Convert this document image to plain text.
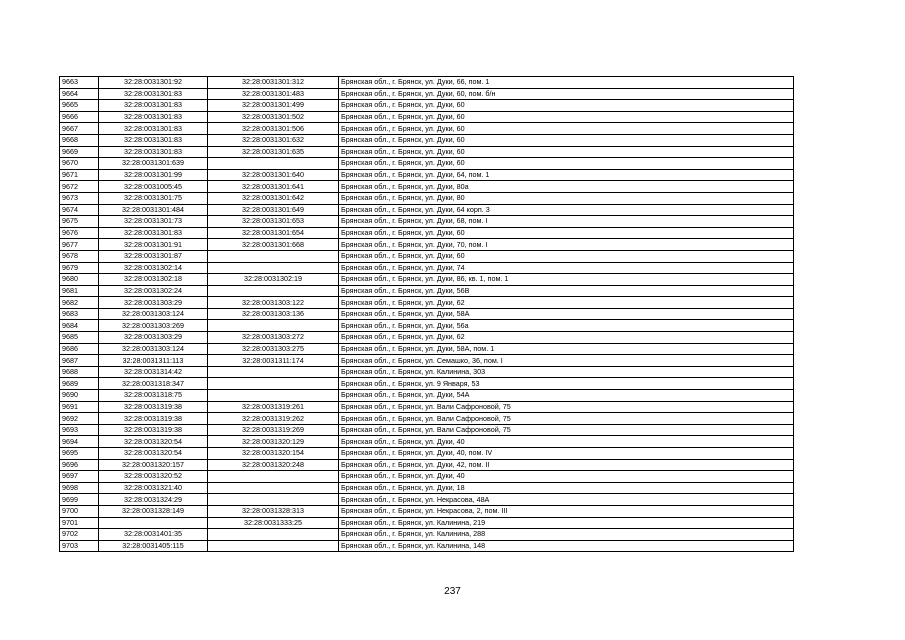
9663	32:28:0031301:92	32:28:0031301:312	Брянская обл., г. Брянск, ул. Дуки, 66, пом. 1
9664	32:28:0031301:83	32:28:0031301:483	Брянская обл., г. Брянск, ул. Дуки, 60, пом. б/н
9665	32:28:0031301:83	32:28:0031301:499	Брянская обл., г. Брянск, ул. Дуки, 60
9666	32:28:0031301:83	32:28:0031301:502	Брянская обл., г. Брянск, ул. Дуки, 60
9667	32:28:0031301:83	32:28:0031301:506	Брянская обл., г. Брянск, ул. Дуки, 60
9668	32:28:0031301:83	32:28:0031301:632	Брянская обл., г. Брянск, ул. Дуки, 60
9669	32:28:0031301:83	32:28:0031301:635	Брянская обл., г. Брянск, ул. Дуки, 60
9670	32:28:0031301:639		Брянская обл., г. Брянск, ул. Дуки, 60
9671	32:28:0031301:99	32:28:0031301:640	Брянская обл., г. Брянск, ул. Дуки, 64, пом. 1
9672	32:28:0031005:45	32:28:0031301:641	Брянская обл., г. Брянск, ул. Дуки, 80а
9673	32:28:0031301:75	32:28:0031301:642	Брянская обл., г. Брянск, ул. Дуки, 80
9674	32:28:0031301:484	32:28:0031301:649	Брянская обл., г. Брянск, ул. Дуки, 64 корп. 3
9675	32:28:0031301:73	32:28:0031301:653	Брянская обл., г. Брянск, ул. Дуки, 68, пом. I
9676	32:28:0031301:83	32:28:0031301:654	Брянская обл., г. Брянск, ул. Дуки, 60
9677	32:28:0031301:91	32:28:0031301:668	Брянская обл., г. Брянск, ул. Дуки, 70, пом. I
9678	32:28:0031301:87		Брянская обл., г. Брянск, ул. Дуки, 60
9679	32:28:0031302:14		Брянская обл., г. Брянск, ул. Дуки, 74
9680	32:28:0031302:18	32:28:0031302:19	Брянская обл., г. Брянск, ул. Дуки, 86, кв. 1, пом. 1
9681	32:28:0031302:24		Брянская обл., г. Брянск, ул. Дуки, 56В
9682	32:28:0031303:29	32:28:0031303:122	Брянская обл., г. Брянск, ул. Дуки, 62
9683	32:28:0031303:124	32:28:0031303:136	Брянская обл., г. Брянск, ул. Дуки, 58А
9684	32:28:0031303:269		Брянская обл., г. Брянск, ул. Дуки, 56а
9685	32:28:0031303:29	32:28:0031303:272	Брянская обл., г. Брянск, ул. Дуки, 62
9686	32:28:0031303:124	32:28:0031303:275	Брянская обл., г. Брянск, ул. Дуки, 58А, пом. 1
9687	32:28:0031311:113	32:28:0031311:174	Брянская обл., г. Брянск, ул. Семашко, 36, пом. I
9688	32:28:0031314:42		Брянская обл., г. Брянск, ул. Калинина, 303
9689	32:28:0031318:347		Брянская обл., г. Брянск, ул. 9 Января, 53
9690	32:28:0031318:75		Брянская обл., г. Брянск, ул. Дуки, 54А
9691	32:28:0031319:38	32:28:0031319:261	Брянская обл., г. Брянск, ул. Вали Сафроновой, 75
9692	32:28:0031319:38	32:28:0031319:262	Брянская обл., г. Брянск, ул. Вали Сафроновой, 75
9693	32:28:0031319:38	32:28:0031319:269	Брянская обл., г. Брянск, ул. Вали Сафроновой, 75
9694	32:28:0031320:54	32:28:0031320:129	Брянская обл., г. Брянск, ул. Дуки, 40
9695	32:28:0031320:54	32:28:0031320:154	Брянская обл., г. Брянск, ул. Дуки, 40, пом. IV
9696	32:28:0031320:157	32:28:0031320:248	Брянская обл., г. Брянск, ул. Дуки, 42, пом. II
9697	32:28:0031320:52		Брянская обл., г. Брянск, ул. Дуки, 40
9698	32:28:0031321:40		Брянская обл., г. Брянск, ул. Дуки, 18
9699	32:28:0031324:29		Брянская обл., г. Брянск, ул. Некрасова, 48А
9700	32:28:0031328:149	32:28:0031328:313	Брянская обл., г. Брянск, ул. Некрасова, 2, пом. III
9701		32:28:0031333:25	Брянская обл., г. Брянск, ул. Калинина, 219
9702	32:28:0031401:35		Брянская обл., г. Брянск, ул. Калинина, 288
9703	32:28:0031405:115		Брянская обл., г. Брянск, ул. Калинина, 148
237
